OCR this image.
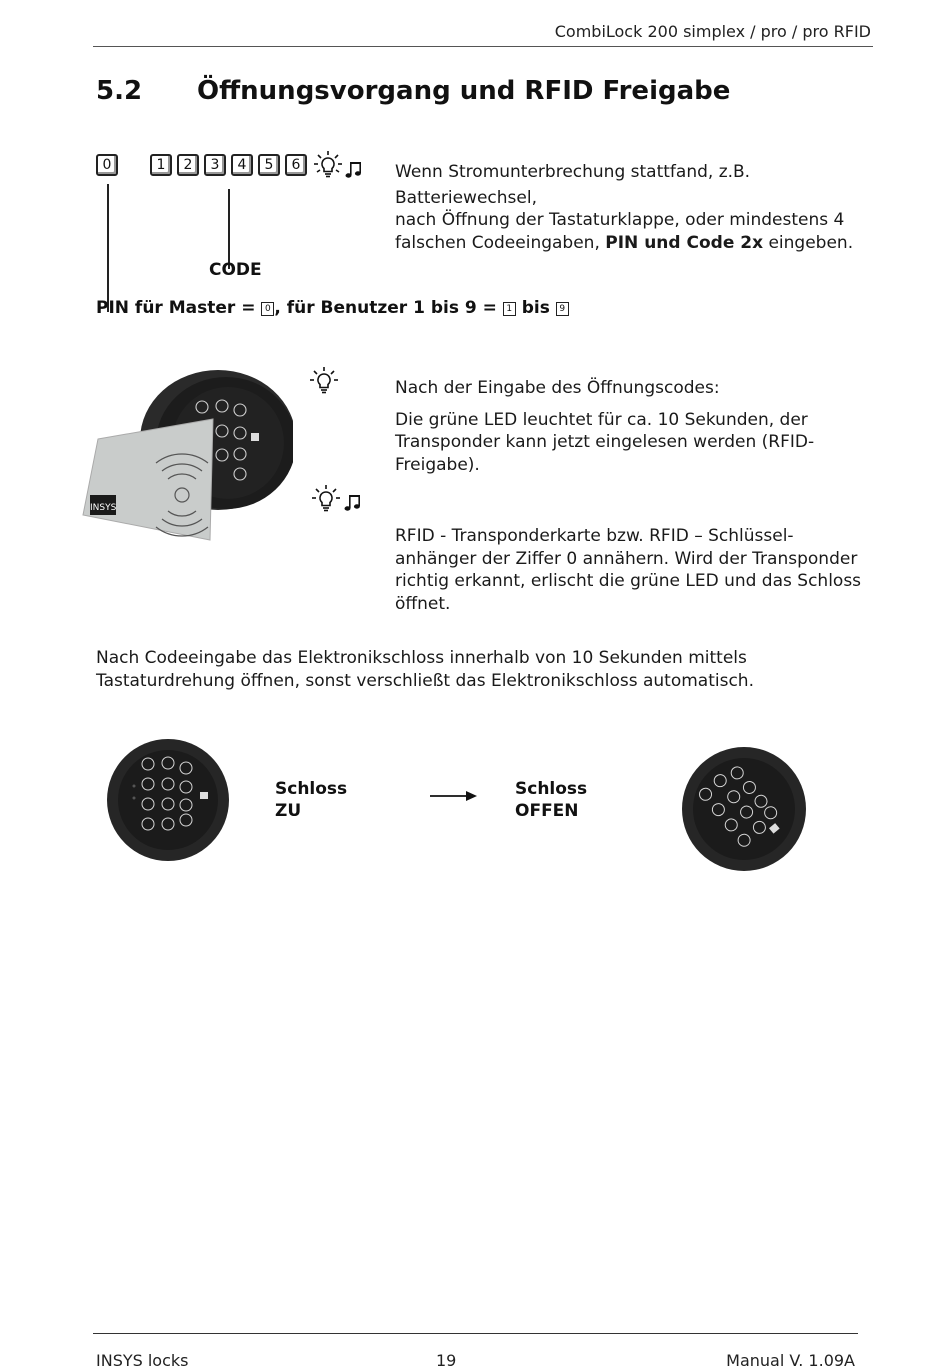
CombiLock 200 simplex / pro / pro RFID
5.2 Öffnungsvorgang und RFID Freigabe
0	1	2	3	4	5	6
CODE
PIN für Master = 0 , für Benutzer 1 bis 9 = 1 bis 9
Wenn Stromunterbrechung stattfand, z.B.
Batteriewechsel,
nach Öffnung der Tastaturklappe, oder mindestens 4
falschen Codeeingaben, PIN und Code 2x eingeben.
INSYS
Nach der Eingabe des Öffnungscodes:
Die grüne LED leuchtet für ca. 10 Sekunden, der
Transponder kann jetzt eingelesen werden (RFID-
Freigabe).
RFID - Transponderkarte bzw. RFID – Schlüssel-
anhänger der Ziffer 0 annähern. Wird der Transponder
richtig erkannt, erlischt die grüne LED und das Schloss
öffnet.
Nach Codeeingabe das Elektronikschloss innerhalb von 10 Sekunden mittels
Tastaturdrehung öffnen, sonst verschließt das Elektronikschloss automatisch.
Schloss
ZU
Schloss
OFFEN
INSYS locks	19	Manual V. 1.09A
